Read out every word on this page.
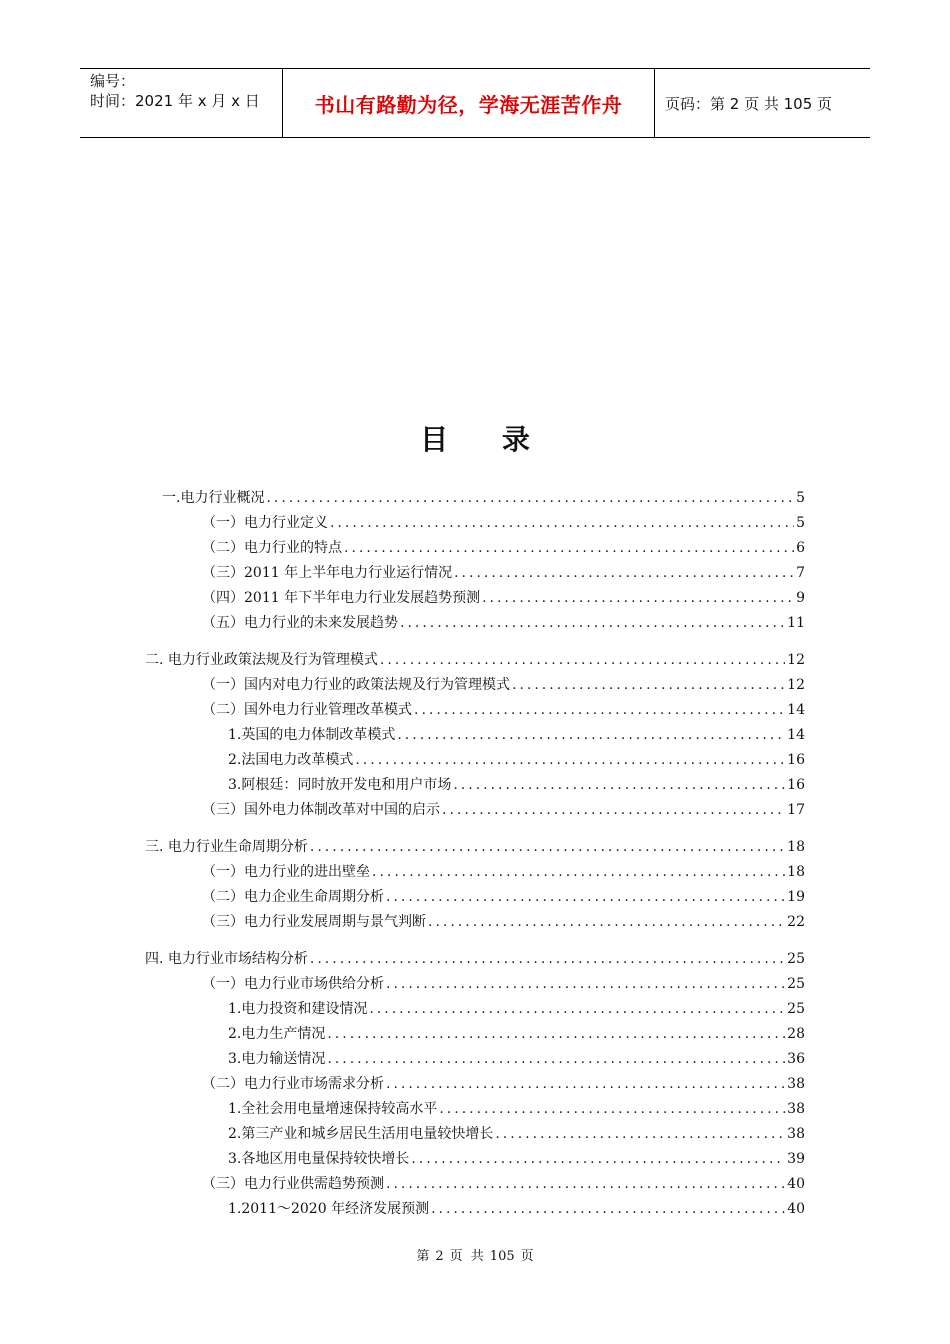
编号：
时间：2021 年 x 月 x 日	书山有路勤为径，学海无涯苦作舟	页码：第 2 页 共 105 页
目 录
一.电力行业概况 .....	5
（一）电力行业定义 .....	5
（二）电力行业的特点 .....	6
（三）2011 年上半年电力行业运行情况 .....	7
（四）2011 年下半年电力行业发展趋势预测 .....	9
（五）电力行业的未来发展趋势 .....	11
二. 电力行业政策法规及行为管理模式 .....	12
（一）国内对电力行业的政策法规及行为管理模式 .....	12
（二）国外电力行业管理改革模式 .....	14
1.英国的电力体制改革模式 .....	14
2.法国电力改革模式 .....	16
3.阿根廷：同时放开发电和用户市场 .....	16
（三）国外电力体制改革对中国的启示 .....	17
三. 电力行业生命周期分析 .....	18
（一）电力行业的进出壁垒 .....	18
（二）电力企业生命周期分析 .....	19
（三）电力行业发展周期与景气判断 .....	22
四. 电力行业市场结构分析 .....	25
（一）电力行业市场供给分析 .....	25
1.电力投资和建设情况 .....	25
2.电力生产情况 .....	28
3.电力输送情况 .....	36
（二）电力行业市场需求分析 .....	38
1.全社会用电量增速保持较高水平 .....	38
2.第三产业和城乡居民生活用电量较快增长 .....	38
3.各地区用电量保持较快增长 .....	39
（三）电力行业供需趋势预测 .....	40
1.2011～2020 年经济发展预测 .....	40
第 2 页 共 105 页
